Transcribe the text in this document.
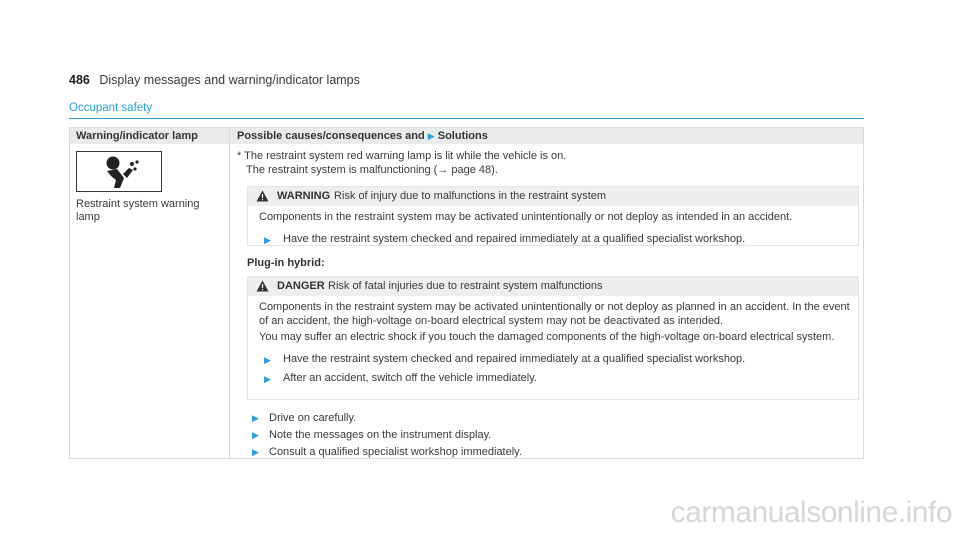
486 Display messages and warning/indicator lamps
Occupant safety
Warning/indicator lamp	Possible causes/consequences and ▶ Solutions
Restraint system warning lamp
* The restraint system red warning lamp is lit while the vehicle is on.
The restraint system is malfunctioning (→ page 48).
WARNING Risk of injury due to malfunctions in the restraint system
Components in the restraint system may be activated unintentionally or not deploy as intended in an accident.
▶ Have the restraint system checked and repaired immediately at a qualified specialist workshop.
Plug-in hybrid:
DANGER Risk of fatal injuries due to restraint system malfunctions
Components in the restraint system may be activated unintentionally or not deploy as planned in an accident. In the event of an accident, the high-voltage on-board electrical system may not be deactivated as intended.
You may suffer an electric shock if you touch the damaged components of the high-voltage on-board electrical system.
▶ Have the restraint system checked and repaired immediately at a qualified specialist workshop.
▶ After an accident, switch off the vehicle immediately.
▶ Drive on carefully.
▶ Note the messages on the instrument display.
▶ Consult a qualified specialist workshop immediately.
carmanualsonline.info
